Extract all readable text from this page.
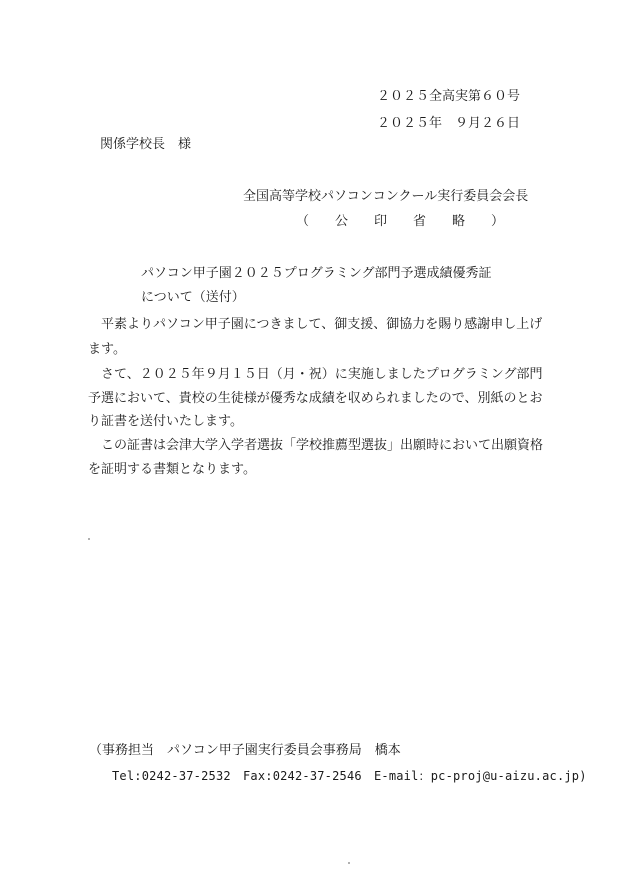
２０２５全高実第６０号
２０２５年　９月２６日
関係学校長　様
全国高等学校パソコンコンクール実行委員会会長
（　　公　　印　　省　　略　　）
パソコン甲子園２０２５プログラミング部門予選成績優秀証
について（送付）
平素よりパソコン甲子園につきまして、御支援、御協力を賜り感謝申し上げ
ます。
さて、２０２５年９月１５日（月・祝）に実施しましたプログラミング部門
予選において、貴校の生徒様が優秀な成績を収められましたので、別紙のとお
り証書を送付いたします。
この証書は会津大学入学者選抜「学校推薦型選抜」出願時において出願資格
を証明する書類となります。
（事務担当　パソコン甲子園実行委員会事務局　橋本
Tel:0242-37-2532　Fax:0242-37-2546　E-mail：pc-proj@u-aizu.ac.jp)
